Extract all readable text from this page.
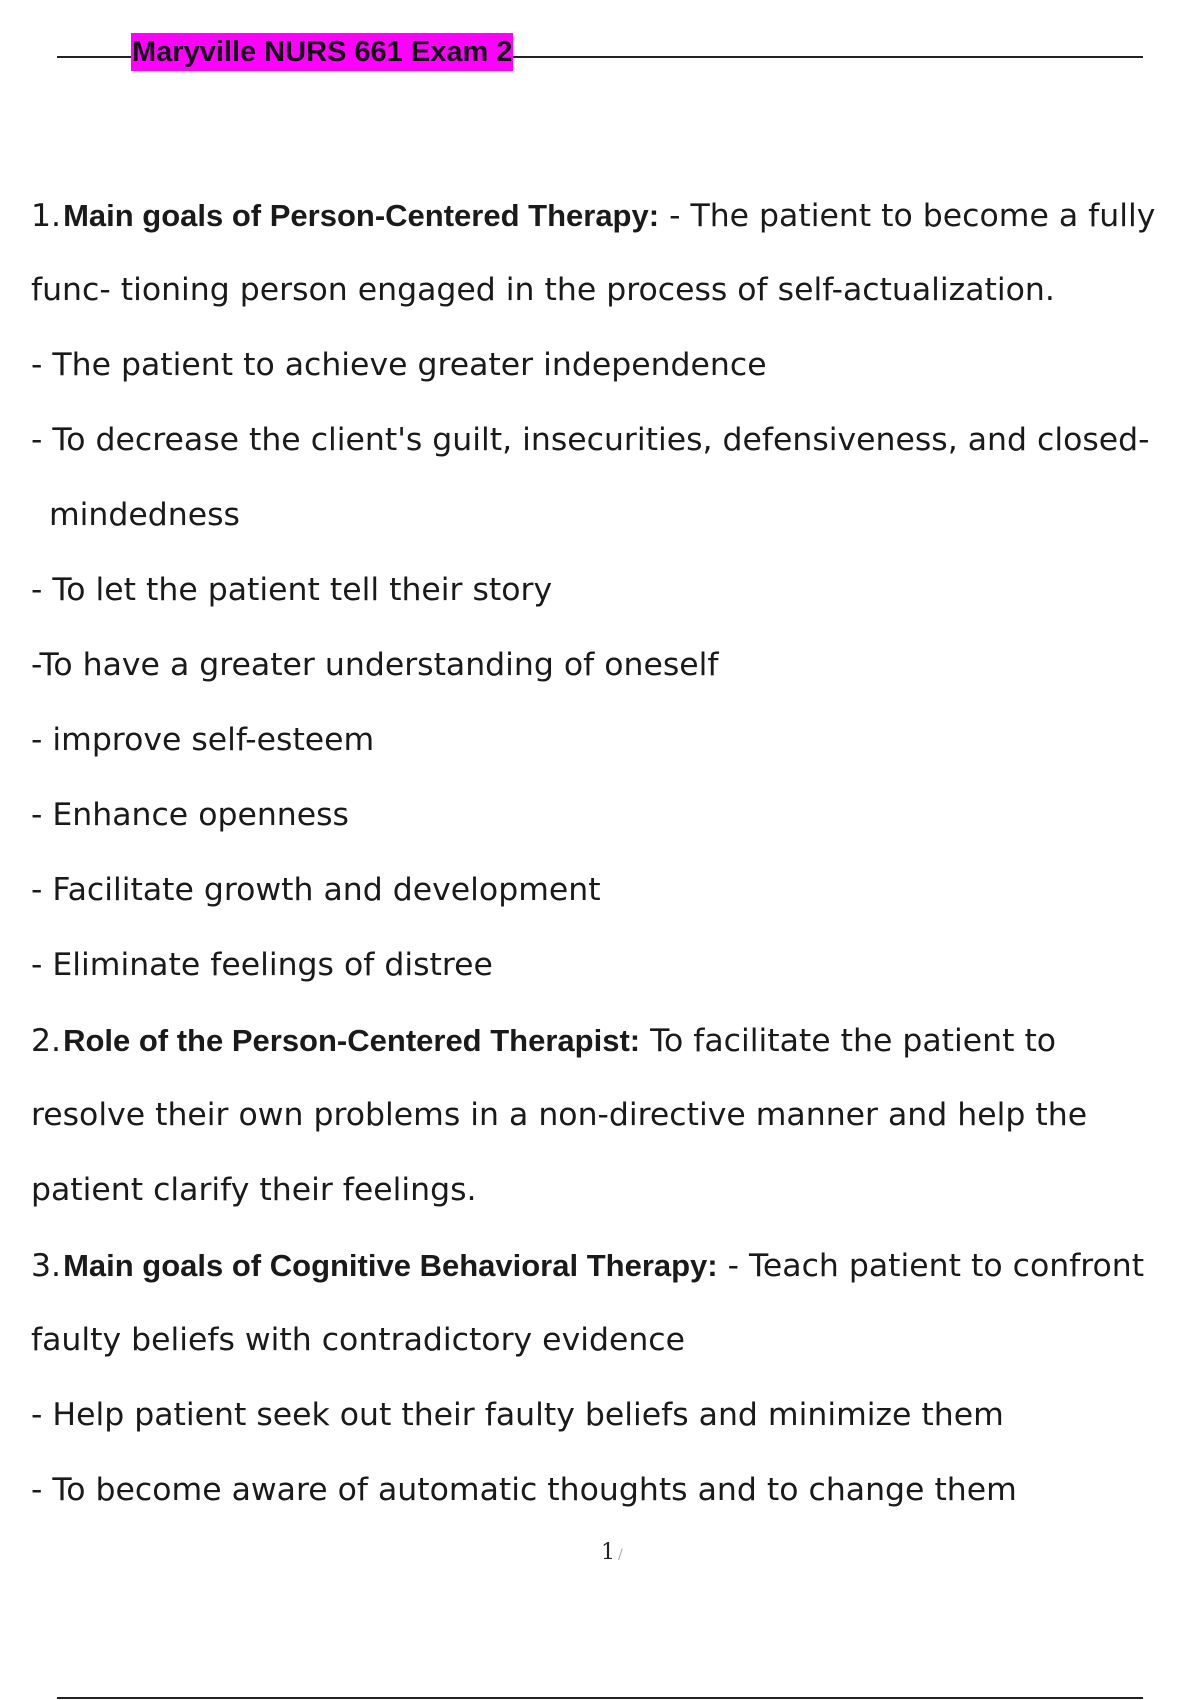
Maryville NURS 661 Exam 2
1.Main goals of Person-Centered Therapy: - The patient to become a fully
func- tioning person engaged in the process of self-actualization.
- The patient to achieve greater independence
- To decrease the client's guilt, insecurities, defensiveness, and closed-
mindedness
- To let the patient tell their story
-To have a greater understanding of oneself
- improve self-esteem
- Enhance openness
- Facilitate growth and development
- Eliminate feelings of distree
2.Role of the Person-Centered Therapist: To facilitate the patient to
resolve their own problems in a non-directive manner and help the
patient clarify their feelings.
3.Main goals of Cognitive Behavioral Therapy: - Teach patient to confront
faulty beliefs with contradictory evidence
- Help patient seek out their faulty beliefs and minimize them
- To become aware of automatic thoughts and to change them
1 /
